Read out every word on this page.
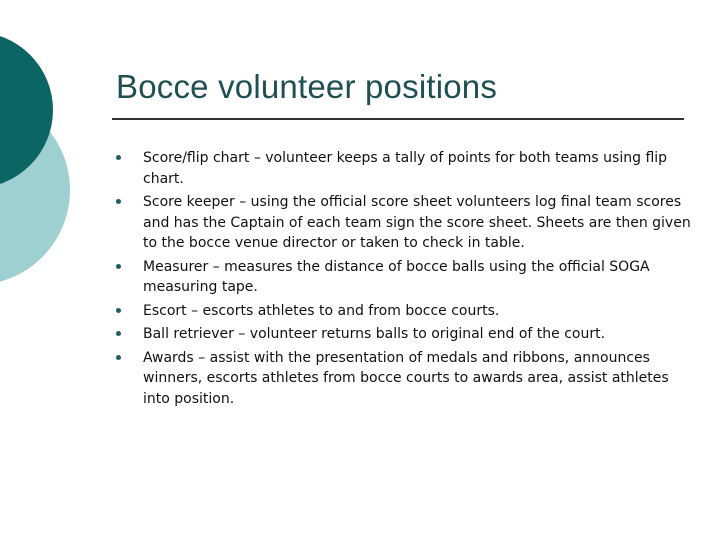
Bocce volunteer positions
Score/flip chart – volunteer keeps a tally of points for both teams using flip chart.
Score keeper – using the official score sheet volunteers log final team scores and has the Captain of each team sign the score sheet. Sheets are then given to the bocce venue director or taken to check in table.
Measurer – measures the distance of bocce balls using the official SOGA measuring tape.
Escort – escorts athletes to and from bocce courts.
Ball retriever – volunteer returns balls to original end of the court.
Awards – assist with the presentation of medals and ribbons, announces winners, escorts athletes from bocce courts to awards area, assist athletes into position.
